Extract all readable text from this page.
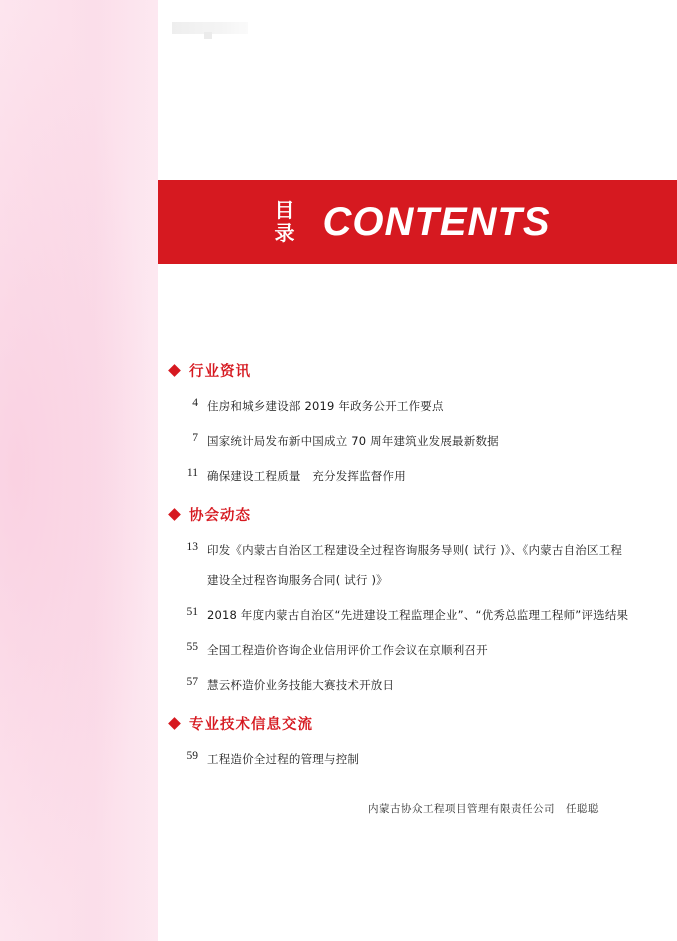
目
录 CONTENTS
行业资讯
4 住房和城乡建设部 2019 年政务公开工作要点
7 国家统计局发布新中国成立 70 周年建筑业发展最新数据
11 确保建设工程质量　充分发挥监督作用
协会动态
13 印发《内蒙古自治区工程建设全过程咨询服务导则( 试行 )》、《内蒙古自治区工程
建设全过程咨询服务合同( 试行 )》
51 2018 年度内蒙古自治区“先进建设工程监理企业”、“优秀总监理工程师”评选结果
55 全国工程造价咨询企业信用评价工作会议在京顺利召开
57 慧云杯造价业务技能大赛技术开放日
专业技术信息交流
59 工程造价全过程的管理与控制
内蒙古协众工程项目管理有限责任公司　任聪聪
